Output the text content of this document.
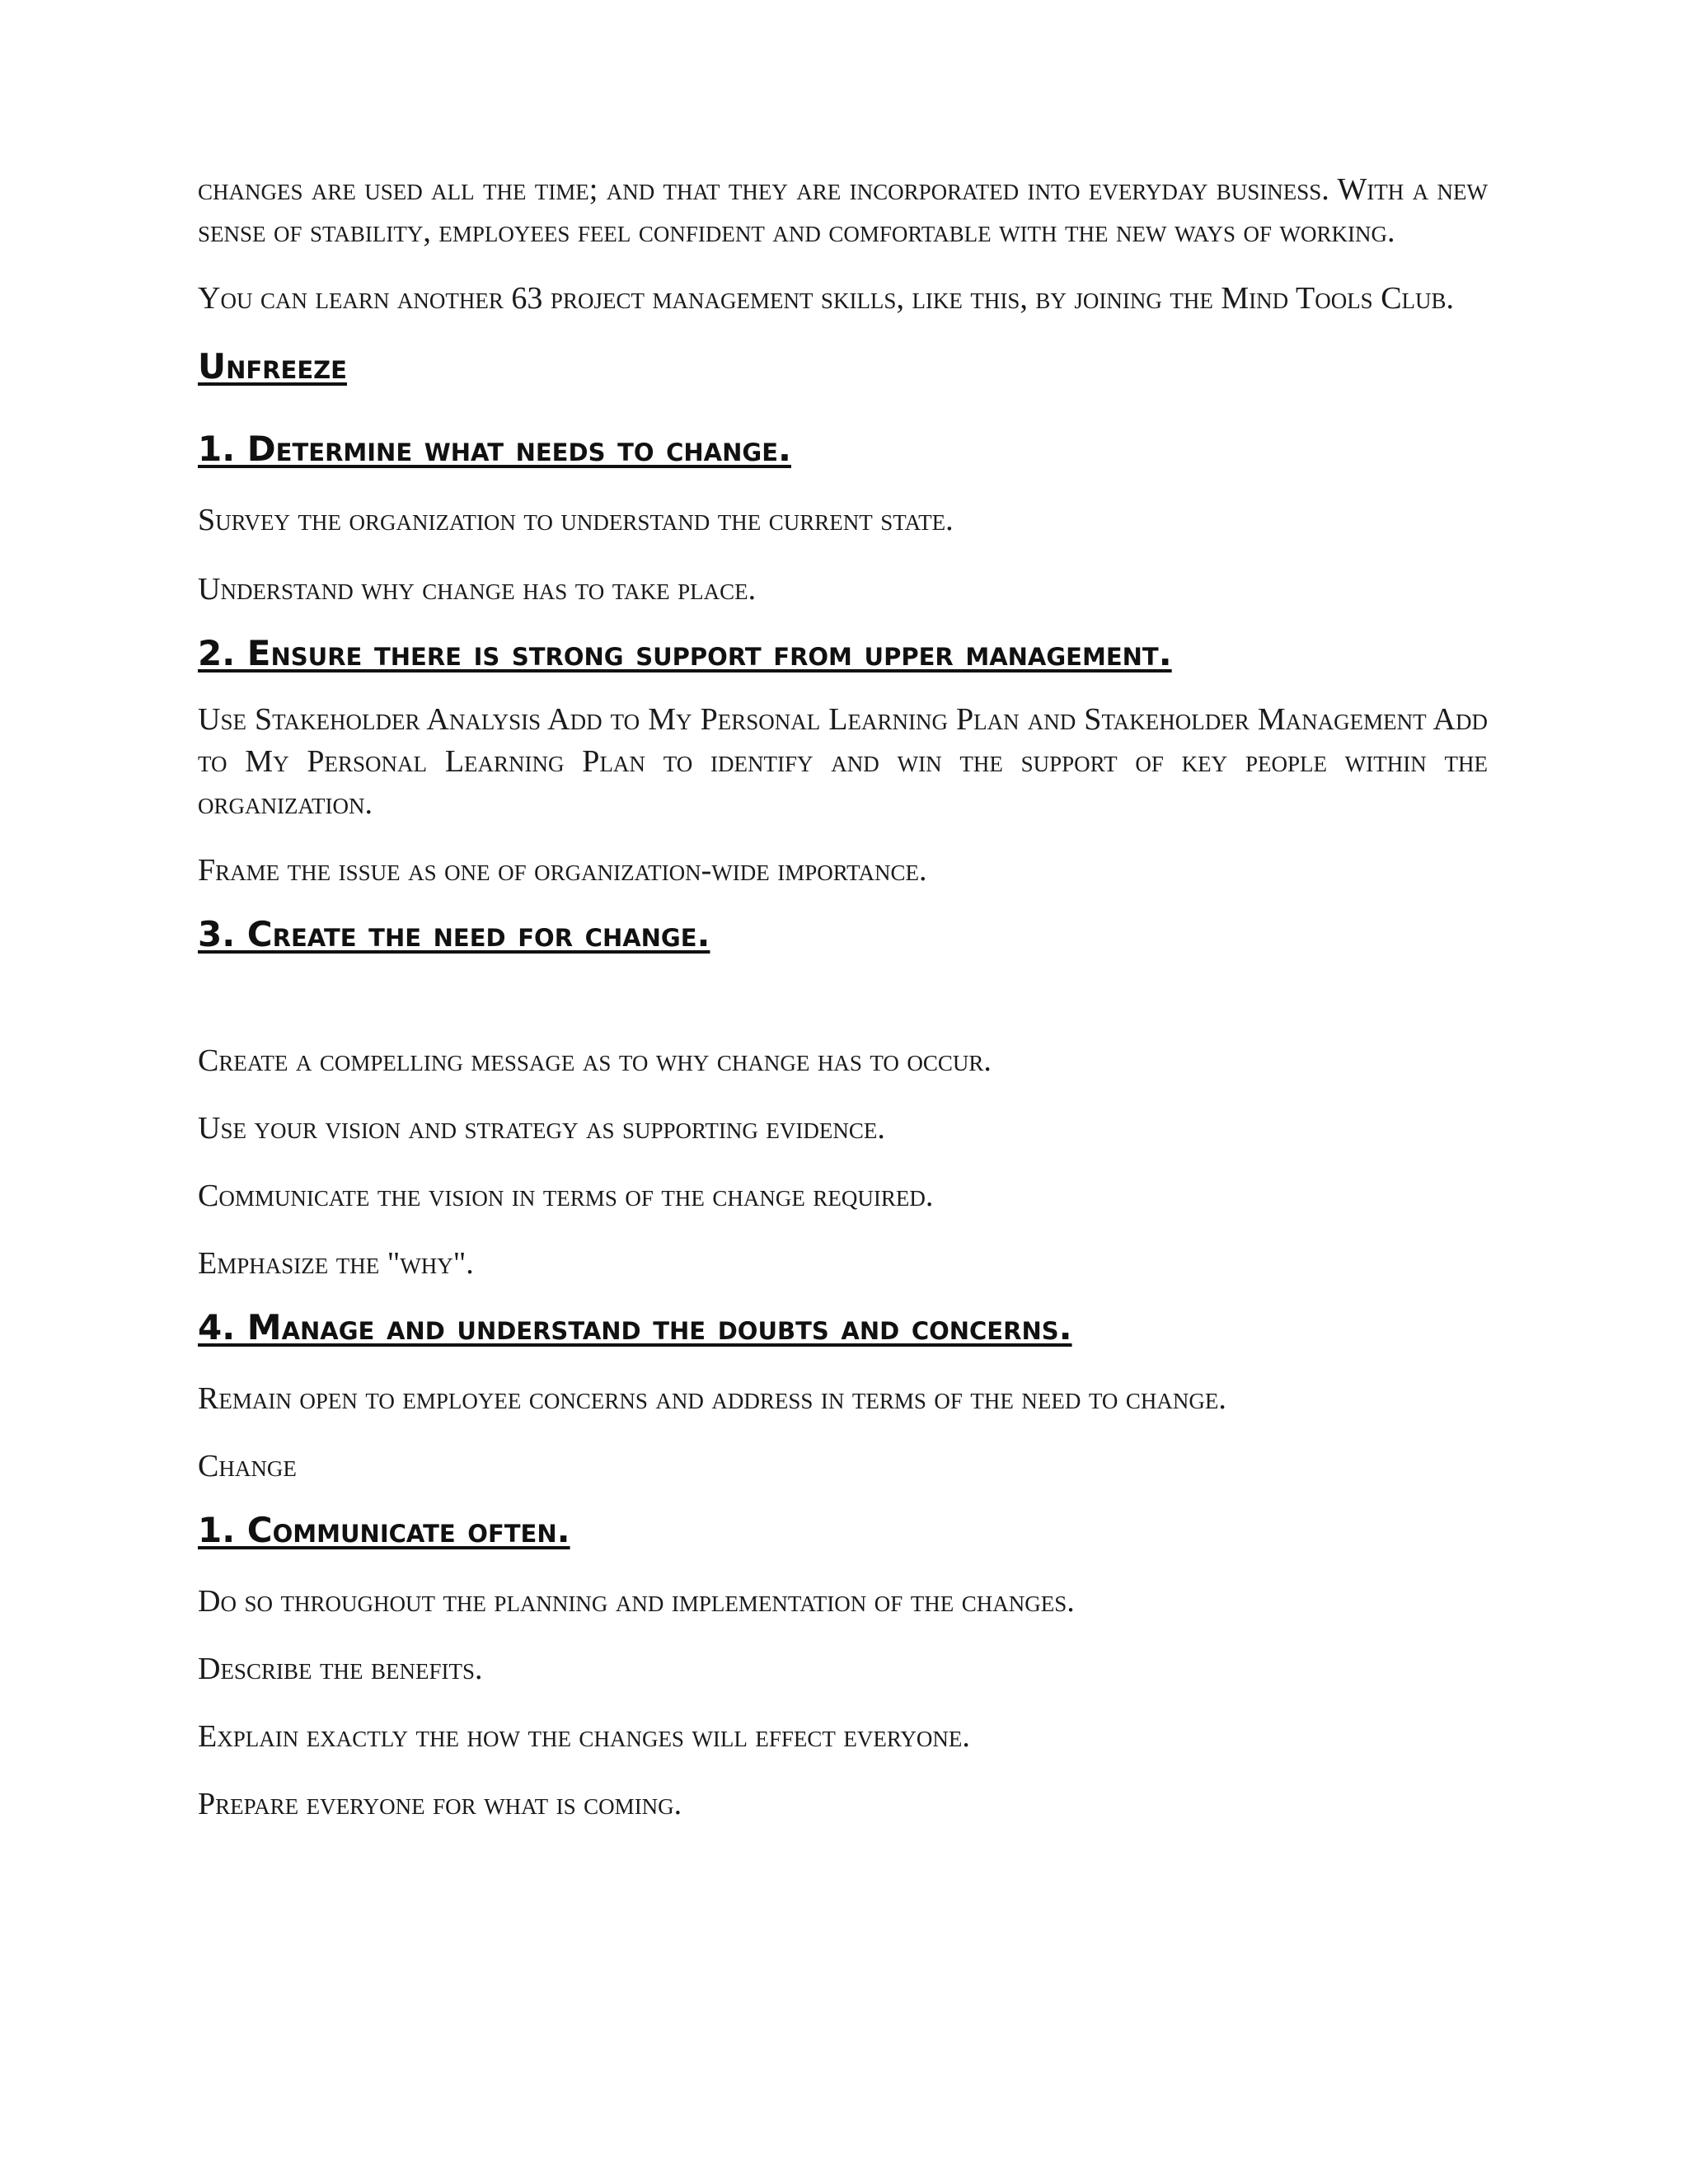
changes are used all the time; and that they are incorporated into everyday business. With a new sense of stability, employees feel confident and comfortable with the new ways of working.

You can learn another 63 project management skills, like this, by joining the Mind Tools Club.

Unfreeze
1. Determine what needs to change.

Survey the organization to understand the current state.

Understand why change has to take place.

2. Ensure there is strong support from upper management.

Use Stakeholder Analysis Add to My Personal Learning Plan and Stakeholder Management Add to My Personal Learning Plan to identify and win the support of key people within the organization.

Frame the issue as one of organization-wide importance.

3. Create the need for change.

Create a compelling message as to why change has to occur.

Use your vision and strategy as supporting evidence.

Communicate the vision in terms of the change required.

Emphasize the "why".

4. Manage and understand the doubts and concerns.

Remain open to employee concerns and address in terms of the need to change.

Change

1. Communicate often.

Do so throughout the planning and implementation of the changes.

Describe the benefits.

Explain exactly the how the changes will effect everyone.

Prepare everyone for what is coming.
